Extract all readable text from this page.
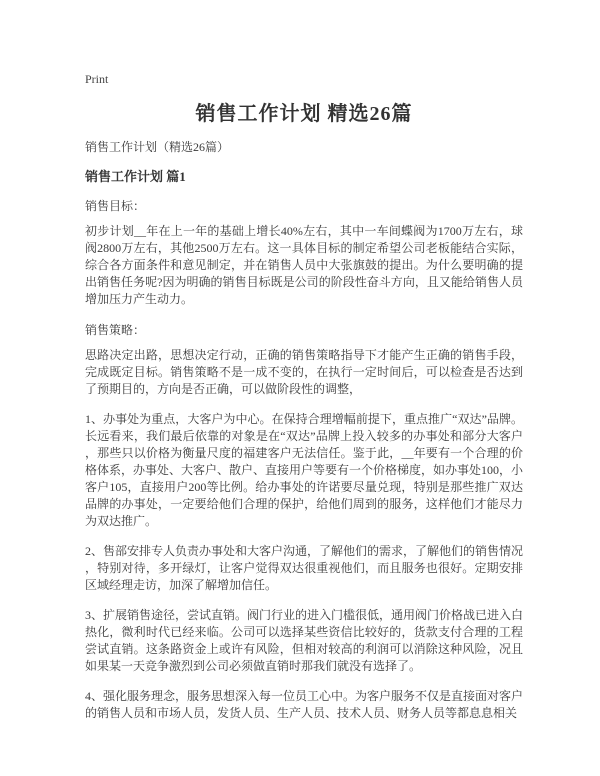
Print
销售工作计划 精选26篇
销售工作计划（精选26篇）
销售工作计划 篇1
销售目标：

初步计划__年在上一年的基础上增长40%左右，其中一车间蝶阀为1700万左右，球阀2800万左右，其他2500万左右。这一具体目标的制定希望公司老板能结合实际，综合各方面条件和意见制定，并在销售人员中大张旗鼓的提出。为什么要明确的提出销售任务呢?因为明确的销售目标既是公司的阶段性奋斗方向，且又能给销售人员增加压力产生动力。

销售策略：

思路决定出路，思想决定行动，正确的销售策略指导下才能产生正确的销售手段，完成既定目标。销售策略不是一成不变的，在执行一定时间后，可以检查是否达到了预期目的，方向是否正确，可以做阶段性的调整，

1、办事处为重点，大客户为中心。在保持合理增幅前提下，重点推广“双达”品牌。长远看来，我们最后依靠的对象是在“双达”品牌上投入较多的办事处和部分大客户，那些只以价格为衡量尺度的福建客户无法信任。鉴于此，__年要有一个合理的价格体系，办事处、大客户、散户、直接用户等要有一个价格梯度，如办事处100，小客户105，直接用户200等比例。给办事处的许诺要尽量兑现，特别是那些推广双达品牌的办事处，一定要给他们合理的保护，给他们周到的服务，这样他们才能尽力为双达推广。

2、售部安排专人负责办事处和大客户沟通，了解他们的需求，了解他们的销售情况，特别对待，多开绿灯，让客户觉得双达很重视他们，而且服务也很好。定期安排区域经理走访，加深了解增加信任。

3、扩展销售途径，尝试直销。阀门行业的进入门槛很低，通用阀门价格战已进入白热化，微利时代已经来临。公司可以选择某些资信比较好的，货款支付合理的工程尝试直销。这条路资金上或许有风险，但相对较高的利润可以消除这种风险，况且如果某一天竞争激烈到公司必须做直销时那我们就没有选择了。

4、强化服务理念，服务思想深入每一位员工心中。为客户服务不仅是直接面对客户的销售人员和市场人员，发货人员、生产人员、技术人员、财务人员等都息息相关
